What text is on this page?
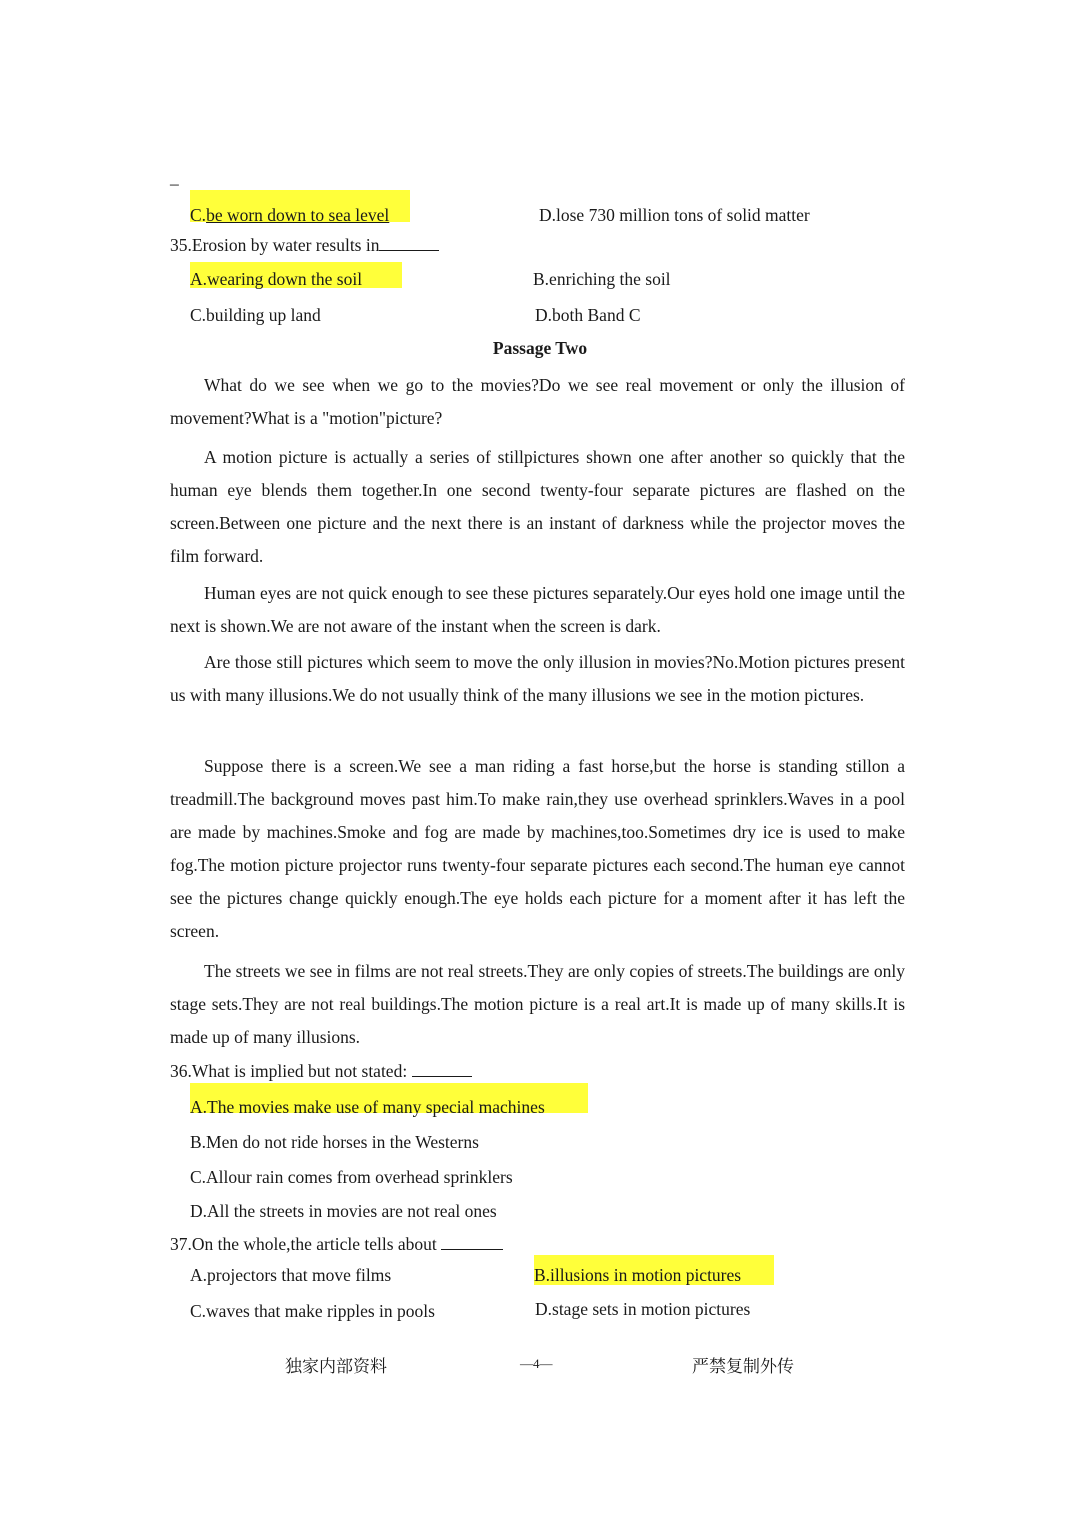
_
C.be worn down to sea level	D.lose 730 million tons of solid matter
35.Erosion by water results in
A.wearing down the soil	B.enriching the soil
C.building up land	D.both Band C
Passage Two
What do we see when we go to the movies?Do we see real movement or only the illusion of movement?What is a "motion"picture?
A motion picture is actually a series of stillpictures shown one after another so quickly that the human eye blends them together.In one second twenty-four separate pictures are flashed on the screen.Between one picture and the next there is an instant of darkness while the projector moves the film forward.
Human eyes are not quick enough to see these pictures separately.Our eyes hold one image until the next is shown.We are not aware of the instant when the screen is dark.
Are those still pictures which seem to move the only illusion in movies?No.Motion pictures present us with many illusions.We do not usually think of the many illusions we see in the motion pictures.
Suppose there is a screen.We see a man riding a fast horse,but the horse is standing stillon a treadmill.The background moves past him.To make rain,they use overhead sprinklers.Waves in a pool are made by machines.Smoke and fog are made by machines,too.Sometimes dry ice is used to make fog.The motion picture projector runs twenty-four separate pictures each second.The human eye cannot see the pictures change quickly enough.The eye holds each picture for a moment after it has left the screen.
The streets we see in films are not real streets.They are only copies of streets.The buildings are only stage sets.They are not real buildings.The motion picture is a real art.It is made up of many skills.It is made up of many illusions.
36.What is implied but not stated:
A.The movies make use of many special machines
B.Men do not ride horses in the Westerns
C.Allour rain comes from overhead sprinklers
D.All the streets in movies are not real ones
37.On the whole,the article tells about
A.projectors that move films	B.illusions in motion pictures
C.waves that make ripples in pools	D.stage sets in motion pictures
独家内部资料	—4—	严禁复制外传
